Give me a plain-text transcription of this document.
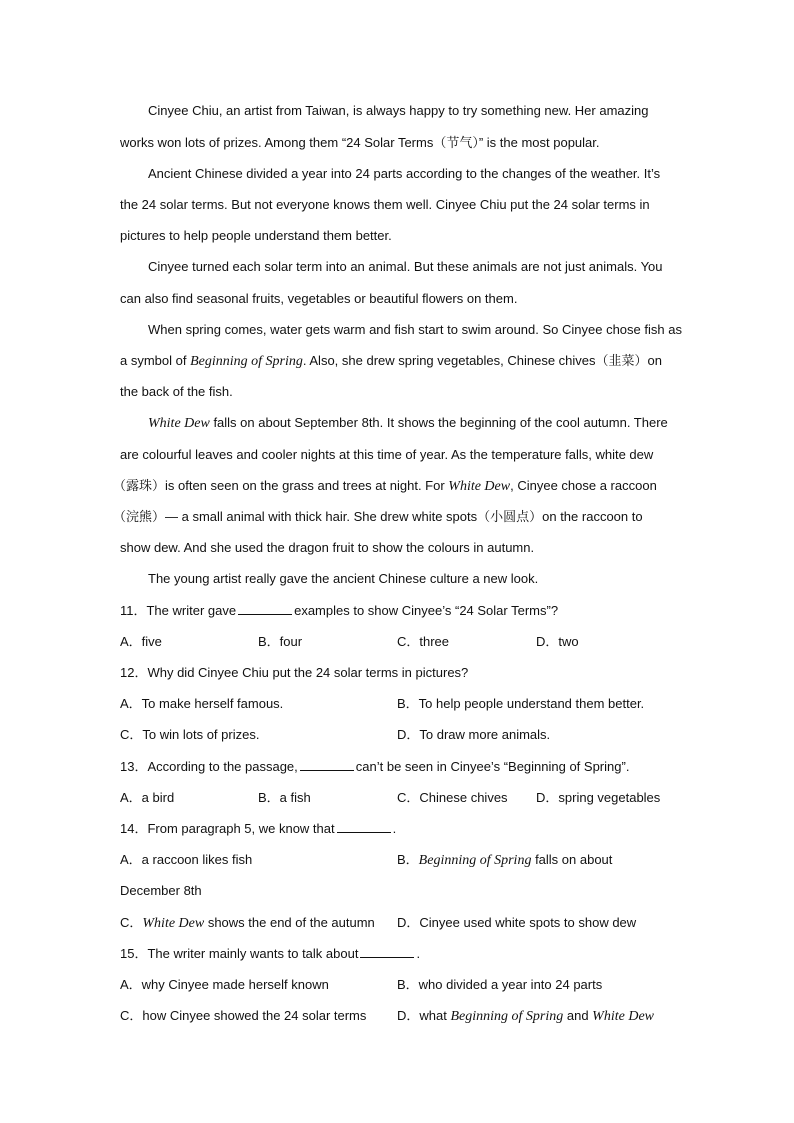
Cinyee Chiu, an artist from Taiwan, is always happy to try something new. Her amazing
works won lots of prizes. Among them “24 Solar Terms（节气）” is the most popular.
Ancient Chinese divided a year into 24 parts according to the changes of the weather. It’s
the 24 solar terms. But not everyone knows them well. Cinyee Chiu put the 24 solar terms in
pictures to help people understand them better.
Cinyee turned each solar term into an animal. But these animals are not just animals. You
can also find seasonal fruits, vegetables or beautiful flowers on them.
When spring comes, water gets warm and fish start to swim around. So Cinyee chose fish as
a symbol of Beginning of Spring. Also, she drew spring vegetables, Chinese chives（韭菜）on
the back of the fish.
White Dew falls on about September 8th. It shows the beginning of the cool autumn. There
are colourful leaves and cooler nights at this time of year. As the temperature falls, white dew
（露珠）is often seen on the grass and trees at night. For White Dew, Cinyee chose a raccoon
（浣熊）— a small animal with thick hair. She drew white spots（小圆点）on the raccoon to
show dew. And she used the dragon fruit to show the colours in autumn.
The young artist really gave the ancient Chinese culture a new look.
11．The writer gave	examples to show Cinyee’s “24 Solar Terms”?
A．five	B．four	C．three	D．two
12．Why did Cinyee Chiu put the 24 solar terms in pictures?
A．To make herself famous.	B．To help people understand them better.
C．To win lots of prizes.	D．To draw more animals.
13．According to the passage,	can’t be seen in Cinyee’s “Beginning of Spring”.
A．a bird	B．a fish	C．Chinese chives D．spring vegetables
14．From paragraph 5, we know that	.
A．a raccoon likes fish	B．Beginning of Spring falls on about
December 8th
C．White Dew shows the end of the autumn D．Cinyee used white spots to show dew
15．The writer mainly wants to talk about	.
A．why Cinyee made herself known	B．who divided a year into 24 parts
C．how Cinyee showed the 24 solar terms D．what Beginning of Spring and White Dew
